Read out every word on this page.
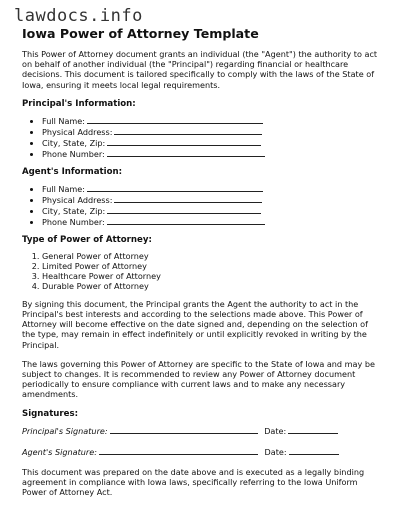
lawdocs.info
Iowa Power of Attorney Template

This Power of Attorney document grants an individual (the "Agent") the authority to act on behalf of another individual (the "Principal") regarding financial or healthcare decisions. This document is tailored specifically to comply with the laws of the State of Iowa, ensuring it meets local legal requirements.

Principal's Information:
• Full Name:
• Physical Address:
• City, State, Zip:
• Phone Number:
Agent's Information:
• Full Name:
• Physical Address:
• City, State, Zip:
• Phone Number:
Type of Power of Attorney:
1. General Power of Attorney
2. Limited Power of Attorney
3. Healthcare Power of Attorney
4. Durable Power of Attorney

By signing this document, the Principal grants the Agent the authority to act in the Principal's best interests and according to the selections made above. This Power of Attorney will become effective on the date signed and, depending on the selection of the type, may remain in effect indefinitely or until explicitly revoked in writing by the Principal.

The laws governing this Power of Attorney are specific to the State of Iowa and may be subject to changes. It is recommended to review any Power of Attorney document periodically to ensure compliance with current laws and to make any necessary amendments.

Signatures:
Principal's Signature:	Date:
Agent's Signature:	Date:

This document was prepared on the date above and is executed as a legally binding agreement in compliance with Iowa laws, specifically referring to the Iowa Uniform Power of Attorney Act.
